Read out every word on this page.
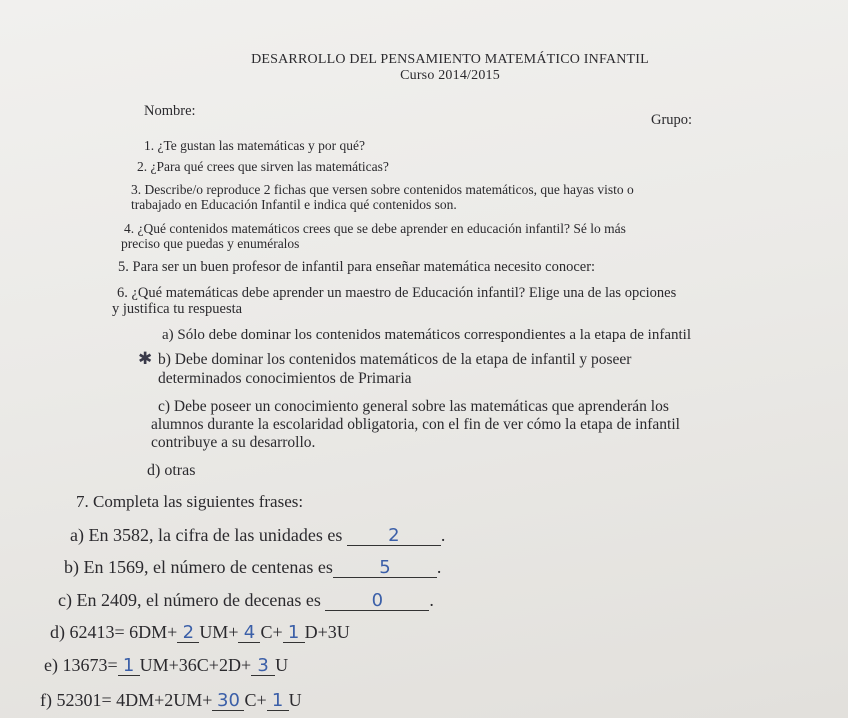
DESARROLLO DEL PENSAMIENTO MATEMÁTICO INFANTIL
Curso 2014/2015
Nombre:
Grupo:
1. ¿Te gustan las matemáticas y por qué?
2. ¿Para qué crees que sirven las matemáticas?
3. Describe/o reproduce 2 fichas que versen sobre contenidos matemáticos, que hayas visto o
trabajado en Educación Infantil e indica qué contenidos son.
4. ¿Qué contenidos matemáticos crees que se debe aprender en educación infantil? Sé lo más
preciso que puedas y enuméralos
5. Para ser un buen profesor de infantil para enseñar matemática necesito conocer:
6. ¿Qué matemáticas debe aprender un maestro de Educación infantil? Elige una de las opciones
y justifica tu respuesta
a) Sólo debe dominar los contenidos matemáticos correspondientes a la etapa de infantil
✱ b) Debe dominar los contenidos matemáticos de la etapa de infantil y poseer
determinados conocimientos de Primaria
c) Debe poseer un conocimiento general sobre las matemáticas que aprenderán los
alumnos durante la escolaridad obligatoria, con el fin de ver cómo la etapa de infantil
contribuye a su desarrollo.
d) otras
7. Completa las siguientes frases:
a) En 3582, la cifra de las unidades es	2 .
b) En 1569, el número de centenas es	5	.
c) En 2409, el número de decenas es	0	.
d) 62413= 6DM+ 2 UM+ 4 C+ 1 D+3U
e) 13673= 1 UM+36C+2D+ 3 U
f) 52301= 4DM+2UM+ 30 C+ 1 U
